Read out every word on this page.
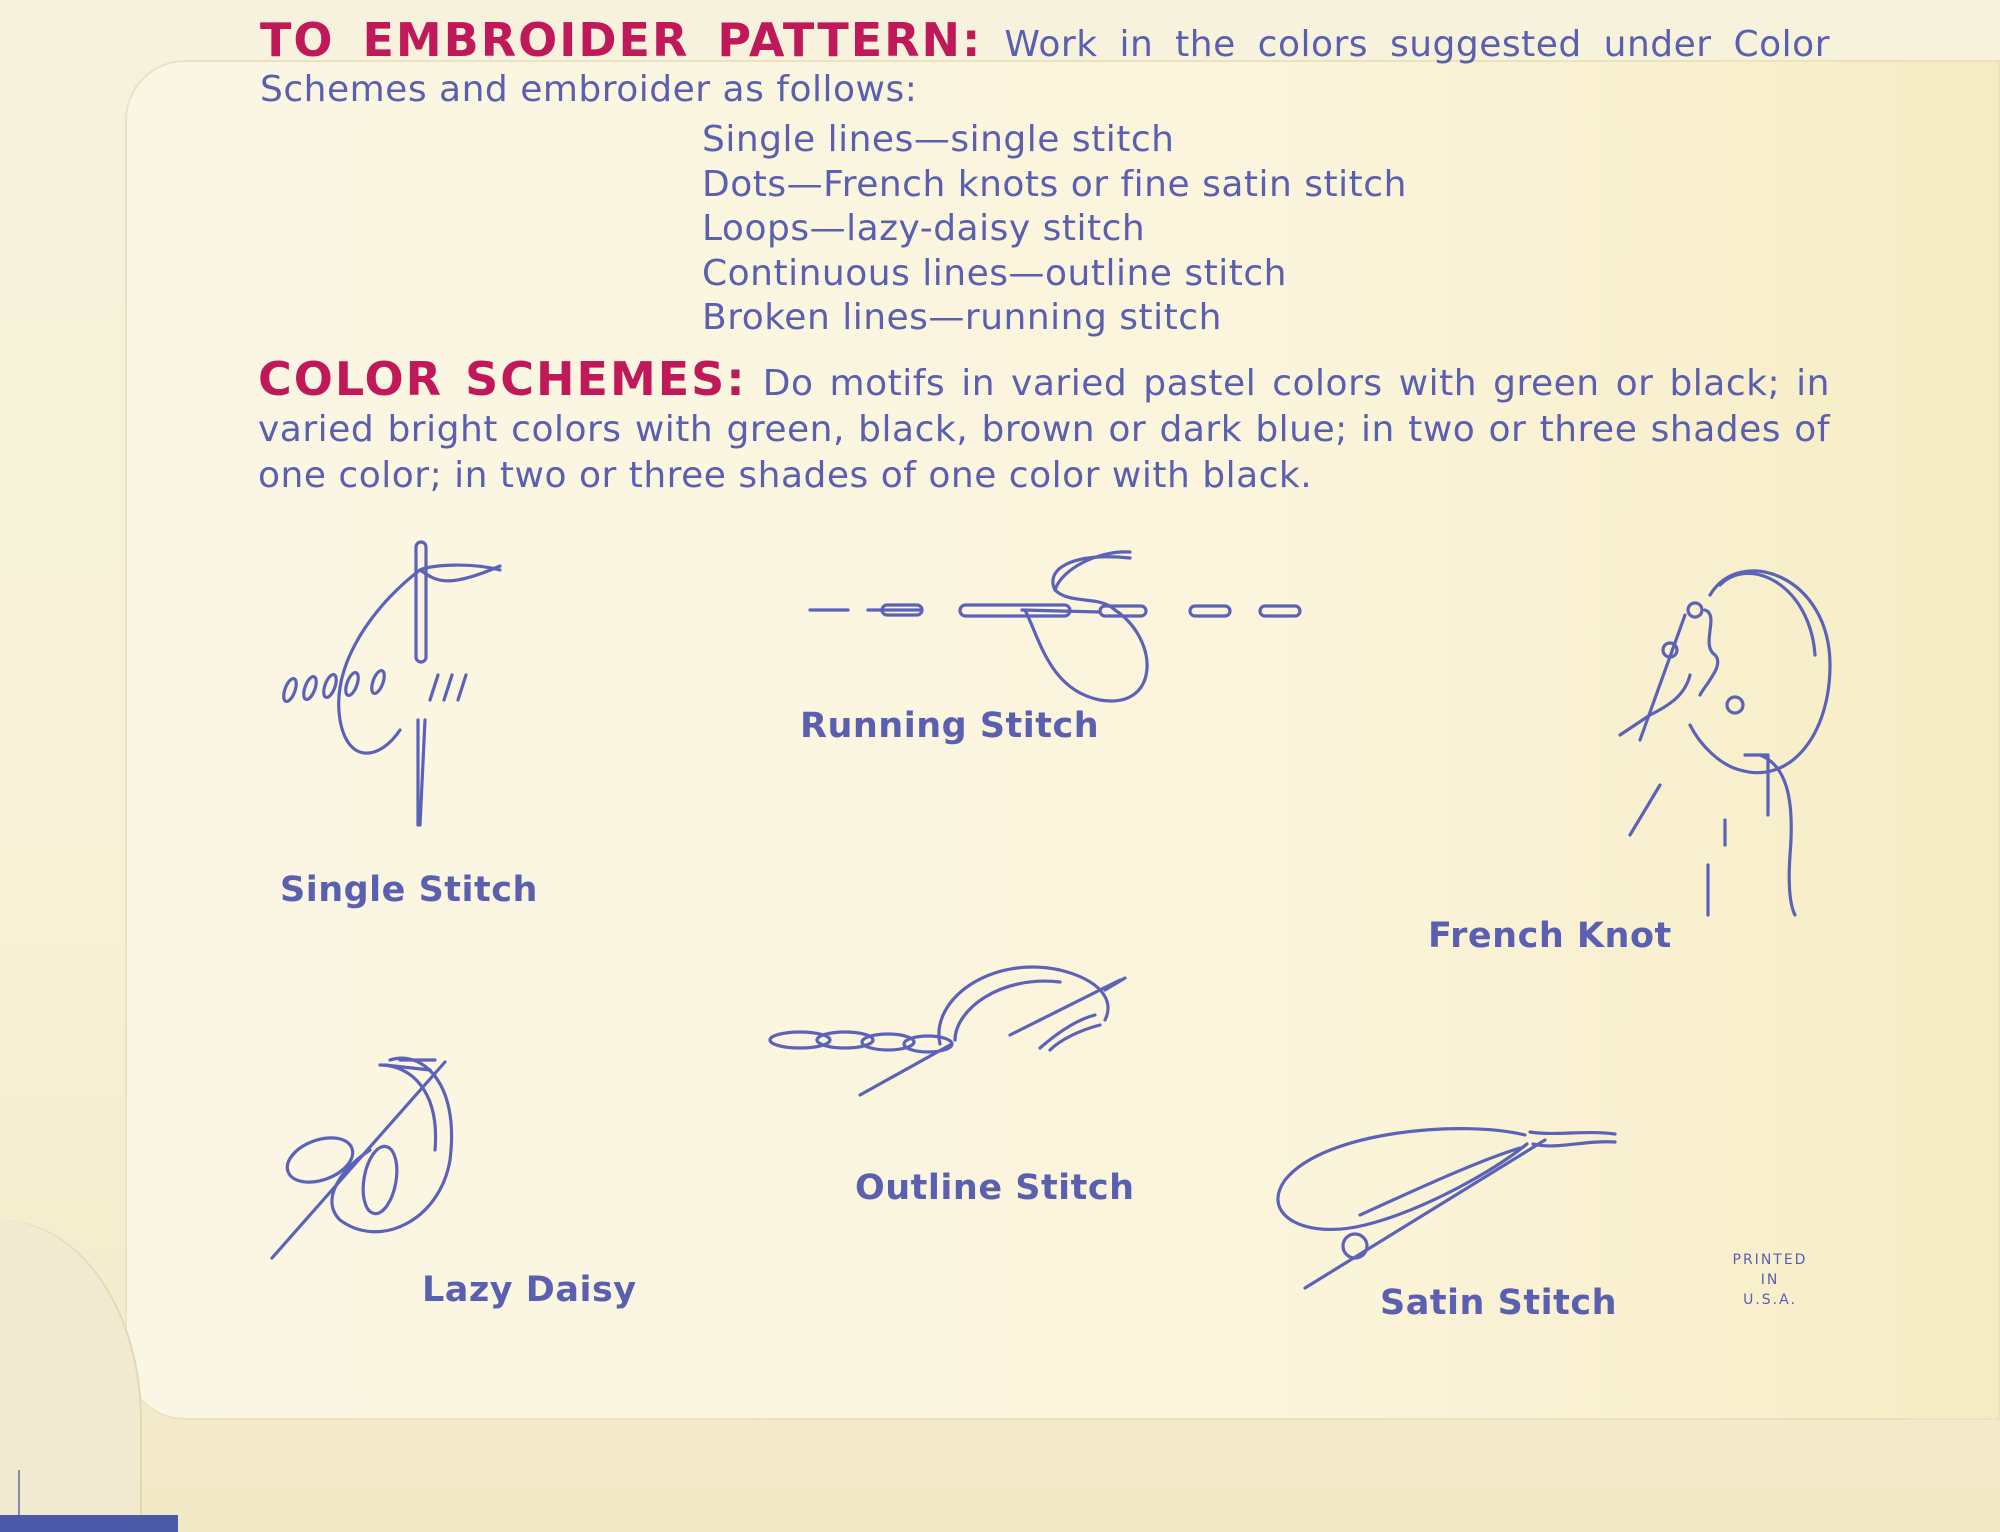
TO EMBROIDER PATTERN: Work in the colors suggested under Color Schemes and embroider as follows:
Single lines—single stitch
Dots—French knots or fine satin stitch
Loops—lazy-daisy stitch
Continuous lines—outline stitch
Broken lines—running stitch
COLOR SCHEMES: Do motifs in varied pastel colors with green or black; in varied bright colors with green, black, brown or dark blue; in two or three shades of one color; in two or three shades of one color with black.
Single Stitch
Running Stitch
French Knot
Outline Stitch
Lazy Daisy	Satin Stitch
PRINTED
IN
U.S.A.
